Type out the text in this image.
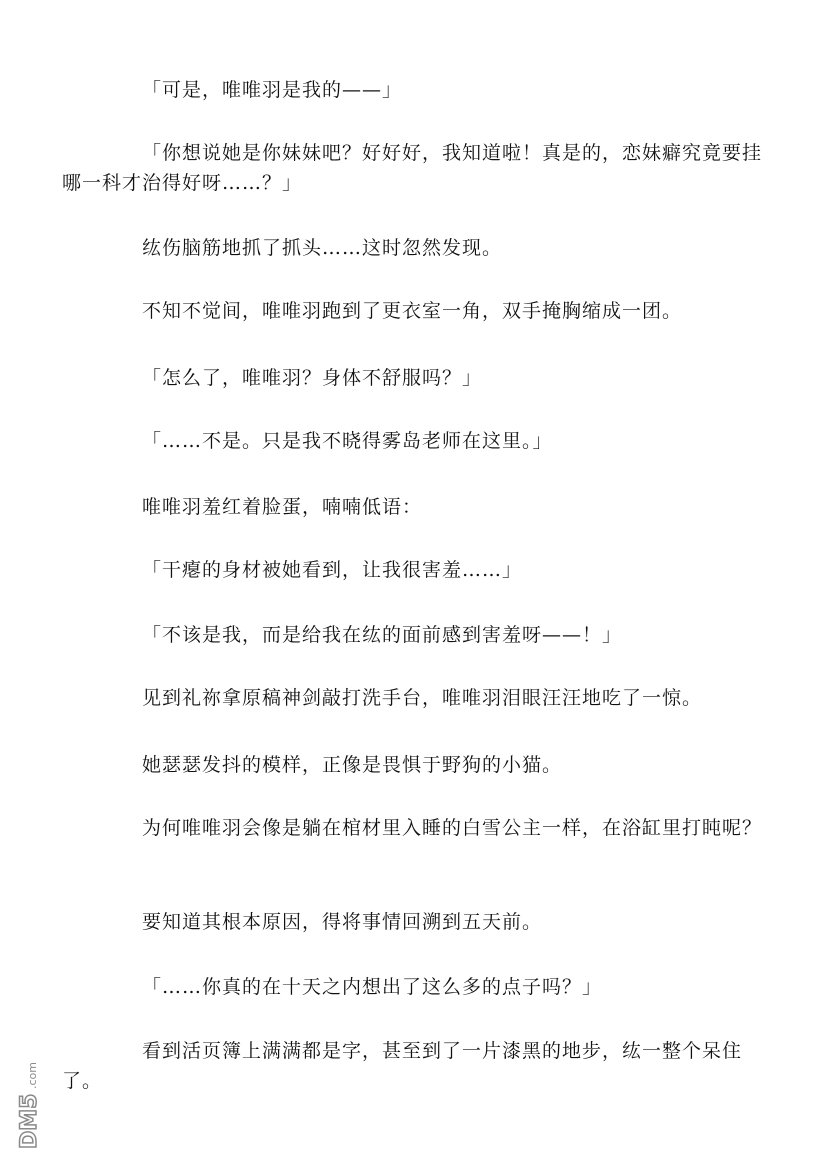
「可是，唯唯羽是我的——」

「你想说她是你妹妹吧？好好好，我知道啦！真是的，恋妹癖究竟要挂哪一科才治得好呀……？」

纮伤脑筋地抓了抓头……这时忽然发现。

不知不觉间，唯唯羽跑到了更衣室一角，双手掩胸缩成一团。

「怎么了，唯唯羽？身体不舒服吗？」

「……不是。只是我不晓得雾岛老师在这里。」

唯唯羽羞红着脸蛋，喃喃低语：

「干瘪的身材被她看到，让我很害羞……」

「不该是我，而是给我在纮的面前感到害羞呀——！」

见到礼祢拿原稿神剑敲打洗手台，唯唯羽泪眼汪汪地吃了一惊。

她瑟瑟发抖的模样，正像是畏惧于野狗的小猫。

为何唯唯羽会像是躺在棺材里入睡的白雪公主一样，在浴缸里打盹呢？

要知道其根本原因，得将事情回溯到五天前。

「……你真的在十天之内想出了这么多的点子吗？」

看到活页簿上满满都是字，甚至到了一片漆黑的地步，纮一整个呆住了。

DM5
.com
